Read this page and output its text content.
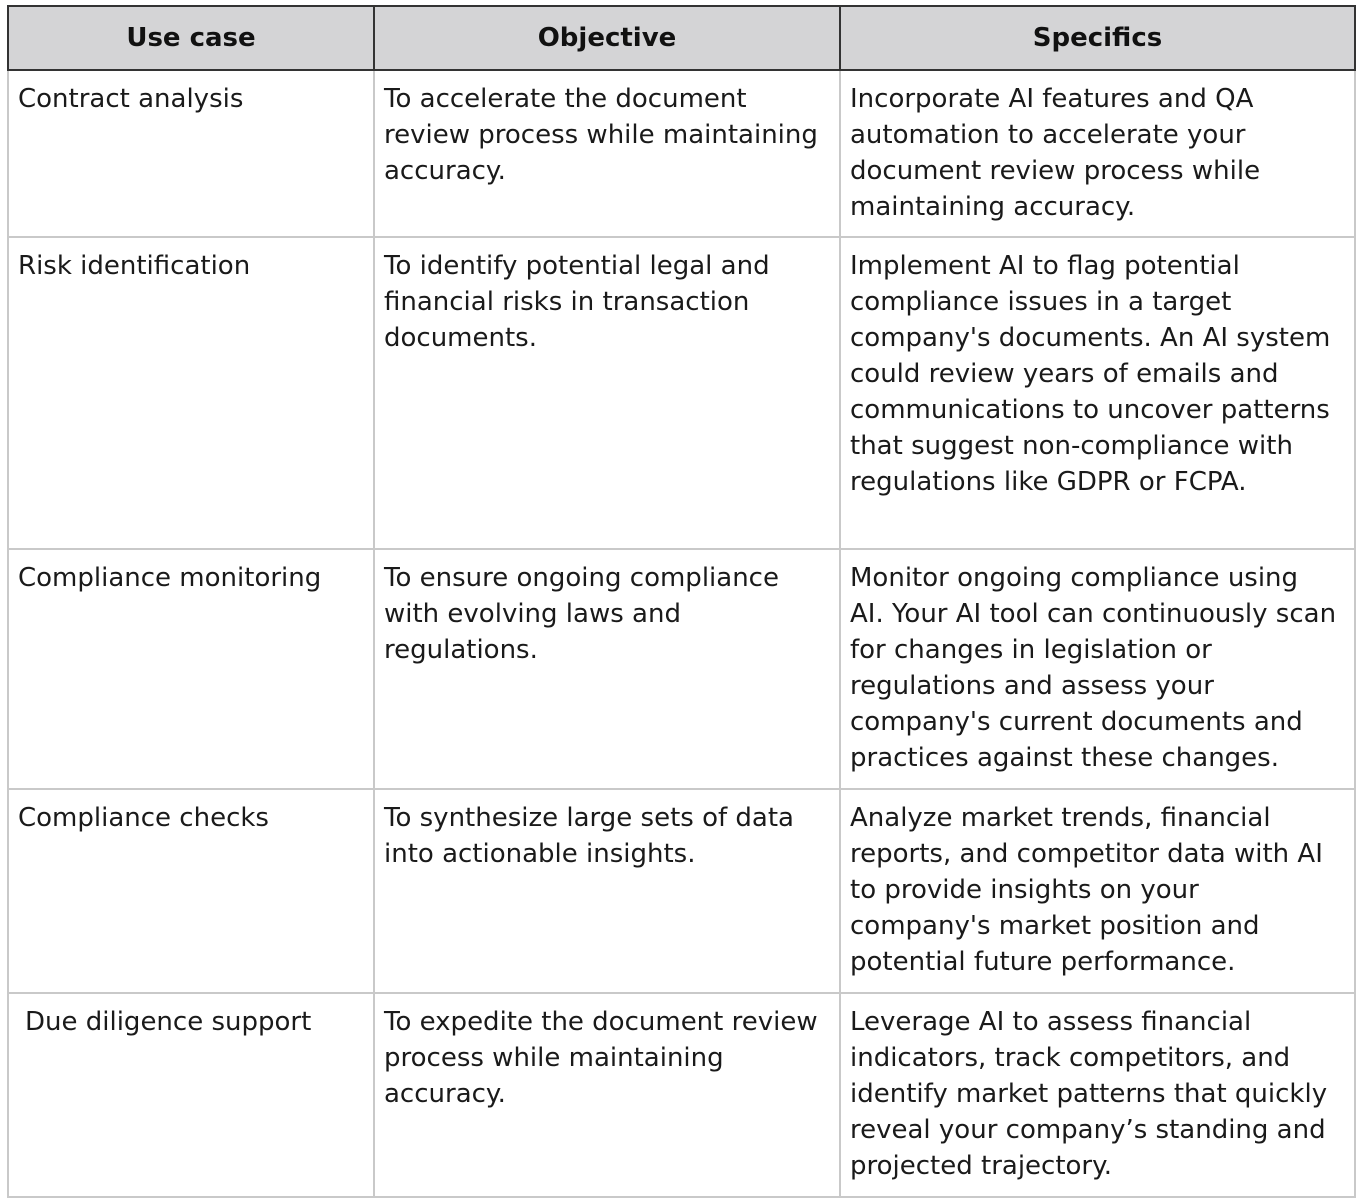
Use case	Objective	Specifics
Contract analysis	To accelerate the document review process while maintaining accuracy.	Incorporate AI features and QA automation to accelerate your document review process while maintaining accuracy.
Risk identification	To identify potential legal and financial risks in transaction documents.	Implement AI to flag potential compliance issues in a target company's documents. An AI system could review years of emails and communications to uncover patterns that suggest non-compliance with regulations like GDPR or FCPA.
Compliance monitoring	To ensure ongoing compliance with evolving laws and regulations.	Monitor ongoing compliance using AI. Your AI tool can continuously scan for changes in legislation or regulations and assess your company's current documents and practices against these changes.
Compliance checks	To synthesize large sets of data into actionable insights.	Analyze market trends, financial reports, and competitor data with AI to provide insights on your company's market position and potential future performance.
Due diligence support	To expedite the document review process while maintaining accuracy.	Leverage AI to assess financial indicators, track competitors, and identify market patterns that quickly reveal your company’s standing and projected trajectory.
